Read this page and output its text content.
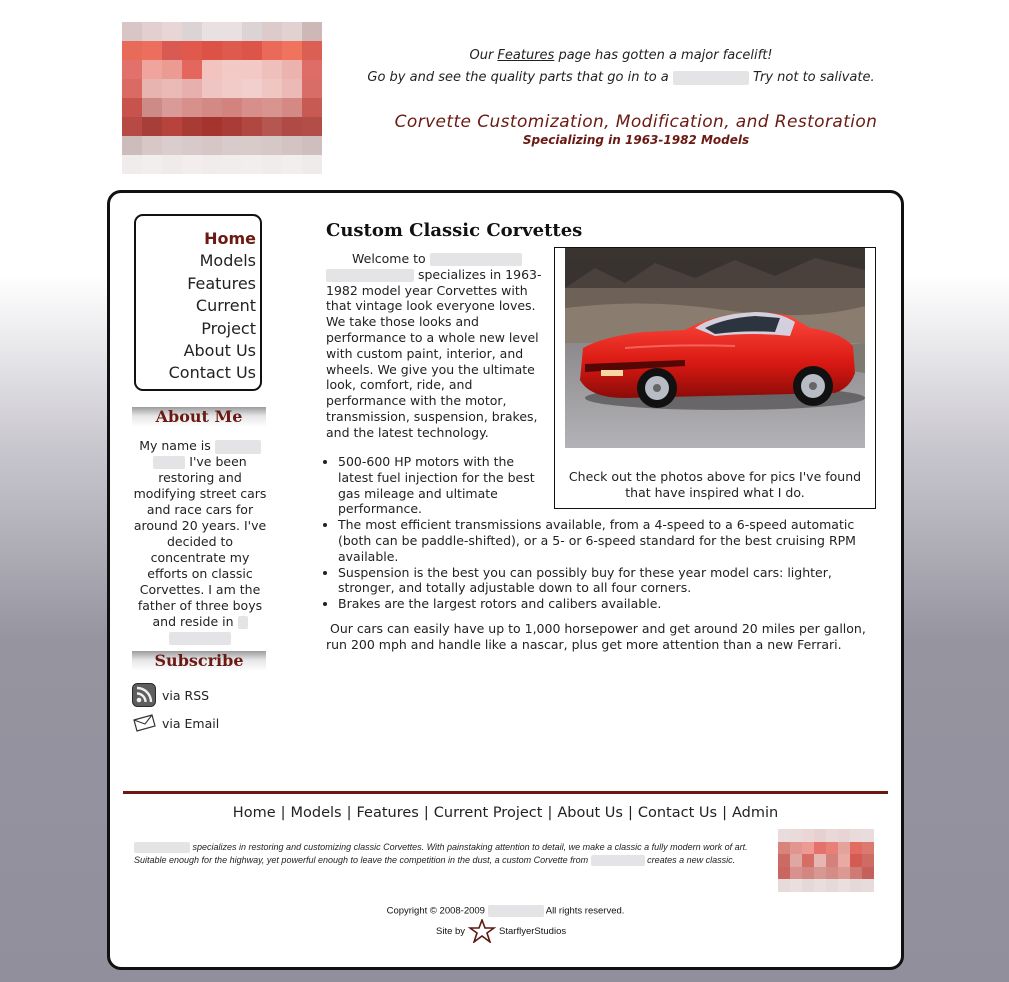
Our Features page has gotten a major facelift!
Go by and see the quality parts that go in to a	Try not to salivate.
Corvette Customization, Modification, and Restoration
Specializing in 1963-1982 Models
Home
Models
Features
Current
Project
About Us
Contact Us
About Me
My name is   I've been restoring and modifying street cars and race cars for around 20 years. I've decided to concentrate my efforts on classic Corvettes. I am the father of three boys and reside in
Subscribe
via RSS
via Email
Custom Classic Corvettes
Check out the photos above for pics I've found that have inspired what I do.
Welcome to
specializes in 1963-1982 model year Corvettes with that vintage look everyone loves. We take those looks and performance to a whole new level with custom paint, interior, and wheels. We give you the ultimate look, comfort, ride, and performance with the motor, transmission, suspension, brakes, and the latest technology.
• 500-600 HP motors with the latest fuel injection for the best gas mileage and ultimate performance.
• The most efficient transmissions available, from a 4-speed to a 6-speed automatic (both can be paddle-shifted), or a 5- or 6-speed standard for the best cruising RPM available.
• Suspension is the best you can possibly buy for these year model cars: lighter, stronger, and totally adjustable down to all four corners.
• Brakes are the largest rotors and calibers available.
Our cars can easily have up to 1,000 horsepower and get around 20 miles per gallon, run 200 mph and handle like a nascar, plus get more attention than a new Ferrari.
Home | Models | Features | Current Project | About Us | Contact Us | Admin
specializes in restoring and customizing classic Corvettes. With painstaking attention to detail, we make a classic a fully modern work of art. Suitable enough for the highway, yet powerful enough to leave the competition in the dust, a custom Corvette from	creates a new classic.
Copyright © 2008-2009	All rights reserved.
Site by	StarflyerStudios
